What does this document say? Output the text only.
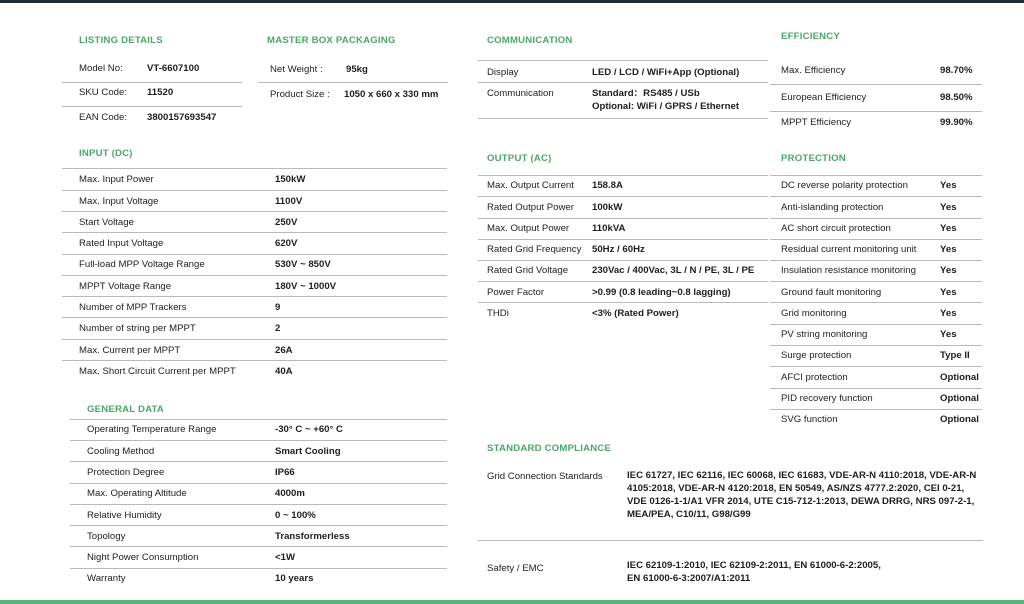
LISTING DETAILS
Model No:	VT-6607100
SKU Code: 11520
EAN Code: 3800157693547
MASTER BOX PACKAGING
Net Weight : 95kg
Product Size : 1050 x 660 x 330 mm
INPUT (DC)
Max. Input Power	150kW
Max. Input Voltage	1100V
Start Voltage	250V
Rated Input Voltage	620V
Full-load MPP Voltage Range	530V ~ 850V
MPPT Voltage Range	180V ~ 1000V
Number of MPP Trackers	9
Number of string per MPPT	2
Max. Current per MPPT	26A
Max. Short Circuit Current per MPPT	40A
GENERAL DATA
Operating Temperature Range	-30° C ~ +60° C
Cooling Method	Smart Cooling
Protection Degree	IP66
Max. Operating Altitude	4000m
Relative Humidity	0 ~ 100%
Topology	Transformerless
Night Power Consumption	<1W
Warranty	10 years
COMMUNICATION
Display	LED / LCD / WiFi+App (Optional)
Communication	Standard：RS485 / USb
Optional: WiFi / GPRS / Ethernet
OUTPUT (AC)
Max. Output Current 158.8A
Rated Output Power 100kW
Max. Output Power 110kVA
Rated Grid Frequency 50Hz / 60Hz
Rated Grid Voltage 230Vac / 400Vac, 3L / N / PE, 3L / PE
Power Factor	>0.99 (0.8 leading~0.8 lagging)
THDi	<3% (Rated Power)
STANDARD COMPLIANCE
Grid Connection Standards	IEC 61727, IEC 62116, IEC 60068, IEC 61683, VDE-AR-N 4110:2018, VDE-AR-N
4105:2018, VDE-AR-N 4120:2018, EN 50549, AS/NZS 4777.2:2020, CEI 0-21,
VDE 0126-1-1/A1 VFR 2014, UTE C15-712-1:2013, DEWA DRRG, NRS 097-2-1,
MEA/PEA, C10/11, G98/G99
Safety / EMC	IEC 62109-1:2010, IEC 62109-2:2011, EN 61000-6-2:2005,
EN 61000-6-3:2007/A1:2011
EFFICIENCY
Max. Efficiency	98.70%
European Efficiency	98.50%
MPPT Efficiency	99.90%
PROTECTION
DC reverse polarity protection	Yes
Anti-islanding protection	Yes
AC short circuit protection	Yes
Residual current monitoring unit Yes
Insulation resistance monitoring	Yes
Ground fault monitoring	Yes
Grid monitoring	Yes
PV string monitoring	Yes
Surge protection	Type II
AFCI protection	Optional
PID recovery function	Optional
SVG function	Optional
